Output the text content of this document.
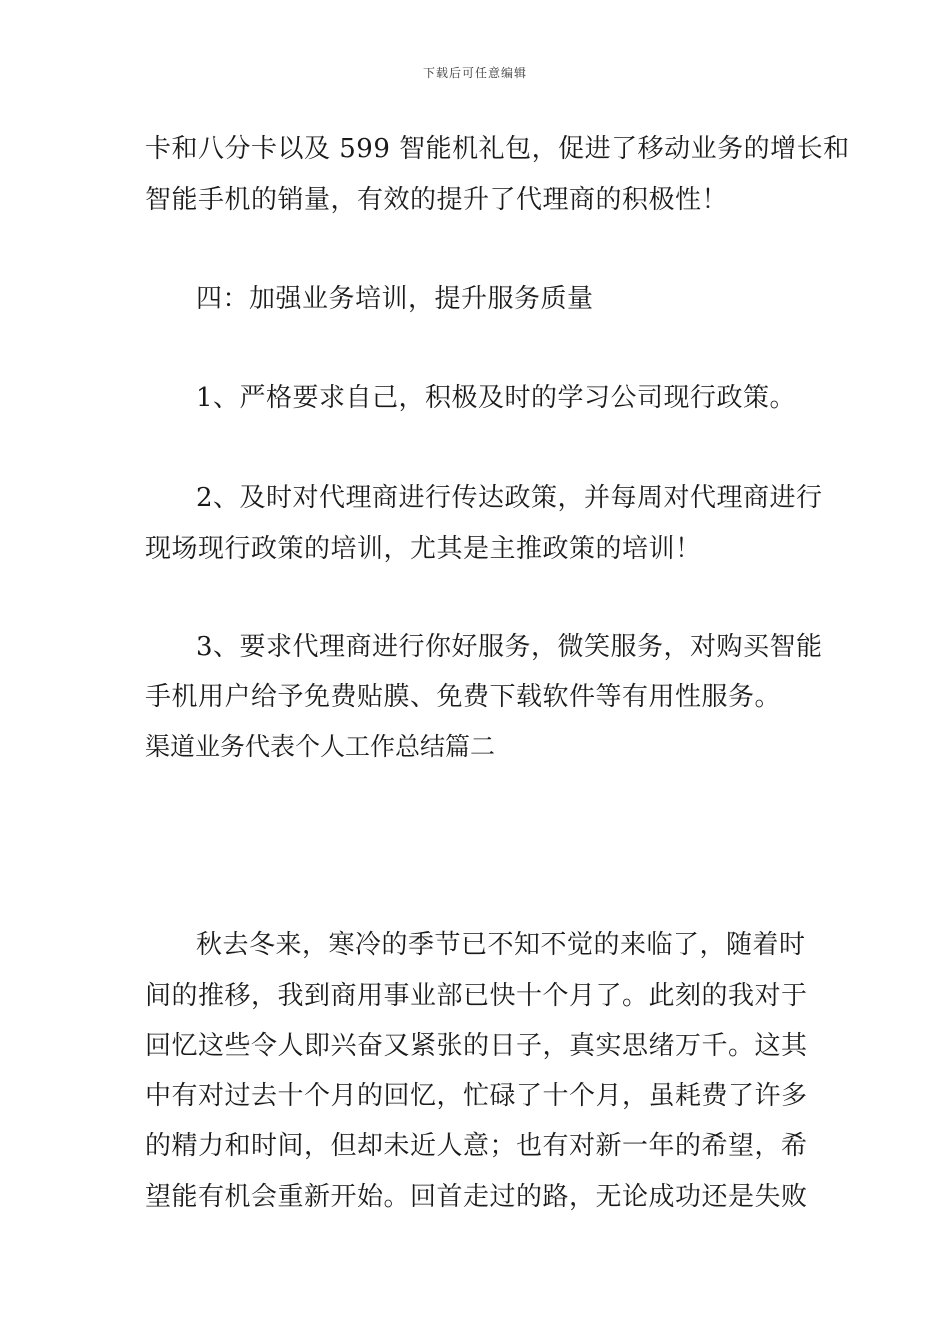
下载后可任意编辑
卡和八分卡以及 599 智能机礼包，促进了移动业务的增长和
智能手机的销量，有效的提升了代理商的积极性！
四：加强业务培训，提升服务质量
1、严格要求自己，积极及时的学习公司现行政策。
2、及时对代理商进行传达政策，并每周对代理商进行
现场现行政策的培训，尤其是主推政策的培训！
3、要求代理商进行你好服务，微笑服务，对购买智能
手机用户给予免费贴膜、免费下载软件等有用性服务。
渠道业务代表个人工作总结篇二
秋去冬来，寒冷的季节已不知不觉的来临了，随着时
间的推移，我到商用事业部已快十个月了。此刻的我对于
回忆这些令人即兴奋又紧张的日子，真实思绪万千。这其
中有对过去十个月的回忆，忙碌了十个月，虽耗费了许多
的精力和时间，但却未近人意；也有对新一年的希望，希
望能有机会重新开始。回首走过的路，无论成功还是失败
